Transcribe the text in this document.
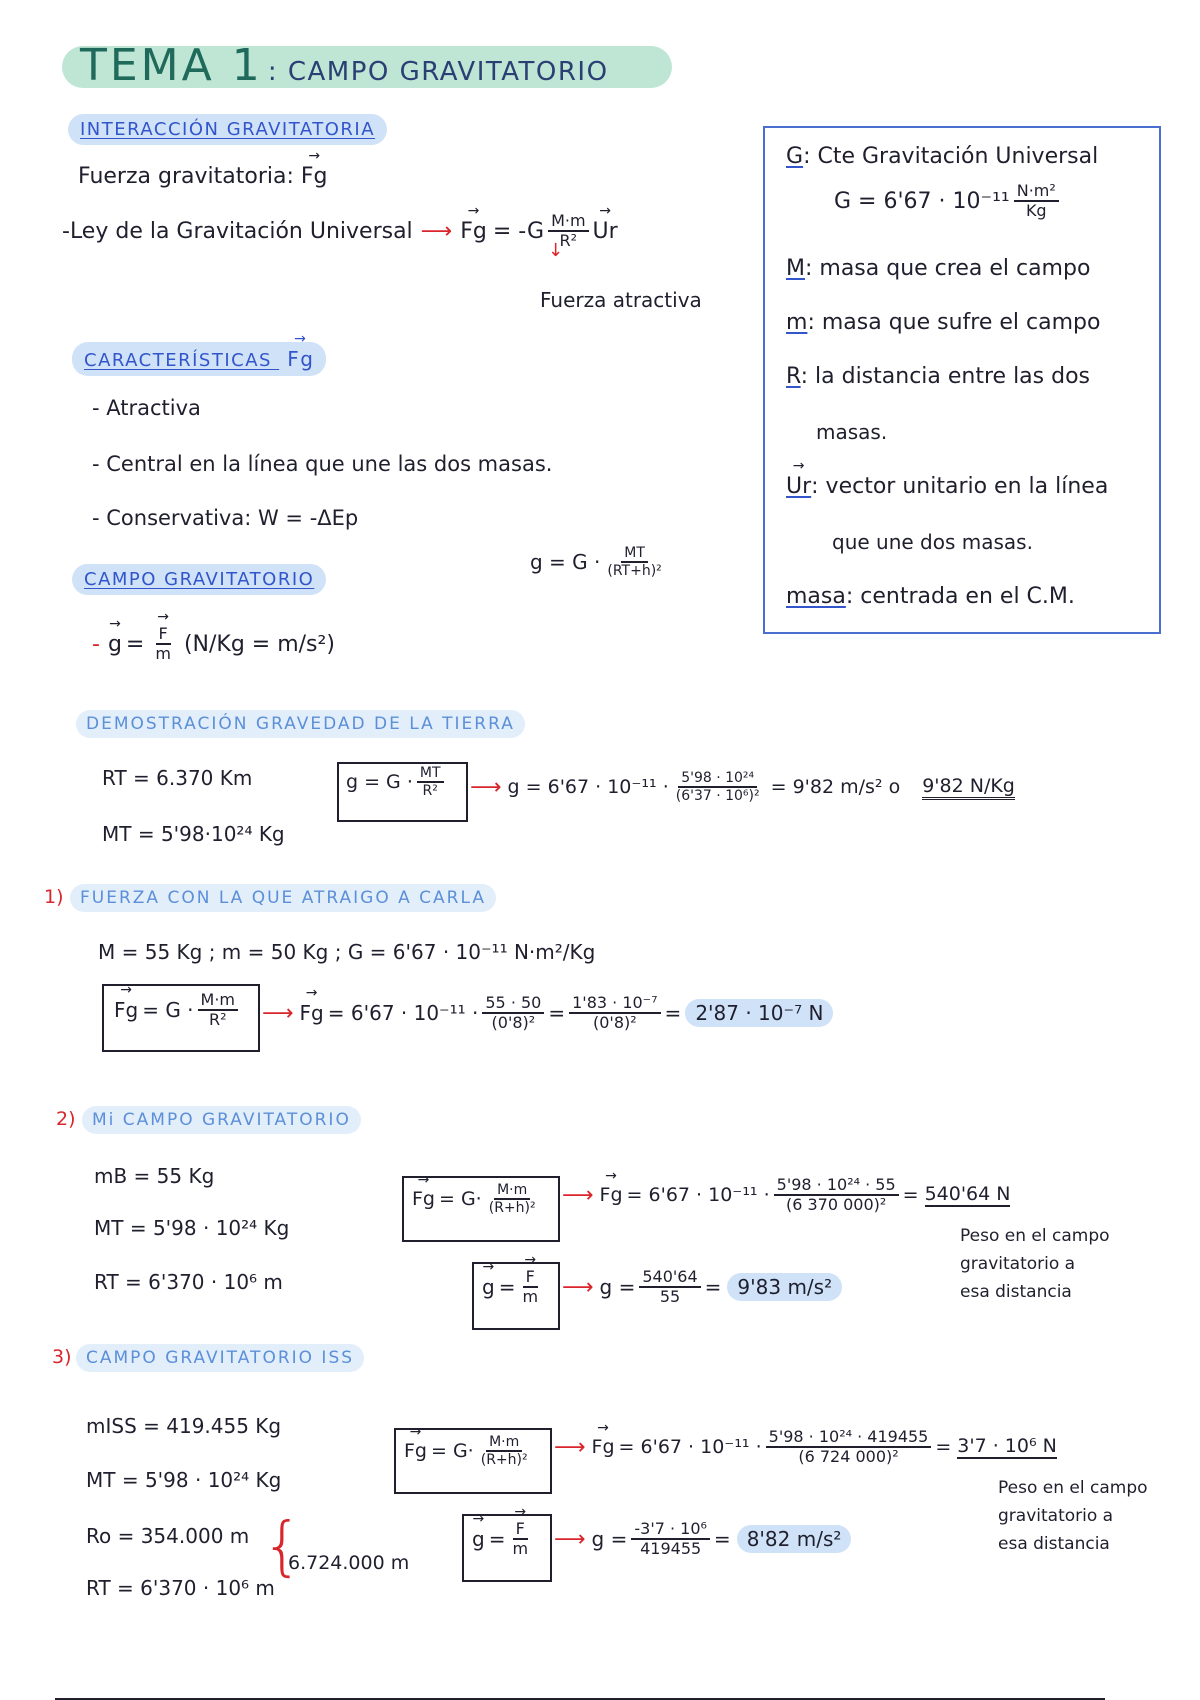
TEMA 1 : CAMPO GRAVITATORIO
INTERACCIÓN GRAVITATORIA
Fuerza gravitatoria: → Fg
-Ley de la Gravitación Universal ⟶
→ $Fg = -G \frac{M\cdot m}{\text{R²}}$
→ Ur
↓
Fuerza atractiva
CARACTERÍSTICAS → Fg
- Atractiva
- Central en la línea que une las dos masas.
- Conservativa: W = -ΔEp
CAMPO GRAVITATORIO
$g = G \cdot \frac{MT}{\text{(RT+h)²}}$
-
→ g =
→ $\frac{F}{m} (N/Kg = m/s^2)$
G: Cte Gravitación Universal
$G = 6'67 \cdot 10^{-11} \frac{\text{N·m²}}{Kg}$
M: masa que crea el campo
m: masa que sufre el campo
R: la distancia entre las dos
masas.
→ Ur: vector unitario en la línea
que une dos masas.
masa: centrada en el C.M.
DEMOSTRACIÓN GRAVEDAD DE LA TIERRA
RT = 6.370 Km
MT = 5'98·10²⁴ Kg
$g = G \cdot \frac{MT}{\text{R²}}$ ⟶ $g = 6'67 \cdot 10^{-11} \cdot \frac{\text{5'98 · 10²⁴}}{\text{(6'37 · 10⁶)²}} = 9'82$ m/s² o 9'82 N/Kg
1) FUERZA CON LA QUE ATRAIGO A CARLA
M = 55 Kg ; m = 50 Kg ; G = 6'67 · 10⁻¹¹ N·m²/Kg
→ $Fg = G \cdot \frac{M\cdot m}{\text{R²}}$ ⟶
→ $Fg = 6'67 \cdot 10^{-11} \cdot \frac{55 \cdot 50}{\text{(0'8)²}} = \frac{\text{1'83 · 10⁻⁷}}{\text{(0'8)²}} = 2'87 \cdot 10^{-7}$ N
2) Mi CAMPO GRAVITATORIO
mB = 55 Kg
MT = 5'98 · 10²⁴ Kg
RT = 6'370 · 10⁶ m
→ $Fg = G\cdot \frac{M\cdot m}{\text{(R+h)²}}$ ⟶
→ $Fg = 6'67 \cdot 10^{-11} \cdot \frac{\text{5'98 · 10²⁴ · 55}}{\text{(6 370 000)²}} = 540'64$ N
Peso en el campo
gravitatorio a
esa distancia
→ g =
→ $\frac{F}{m}$ ⟶ $g = \frac{540'64}{55} = 9'83$ m/s²
3) CAMPO GRAVITATORIO ISS
mISS = 419.455 Kg
MT = 5'98 · 10²⁴ Kg
Ro = 354.000 m
RT = 6'370 · 10⁶ m
{
6.724.000 m
→ $Fg = G\cdot \frac{M\cdot m}{\text{(R+h)²}}$ ⟶
→ $Fg = 6'67 \cdot 10^{-11} \cdot \frac{\text{5'98 · 10²⁴ · 419455}}{\text{(6 724 000)²}} = 3'7 \cdot 10^6$ N
Peso en el campo
gravitatorio a
esa distancia
→ g =
→ $\frac{F}{m}$ ⟶ $g = \frac{\text{-3'7 · 10⁶}}{419455} = 8'82$ m/s²
